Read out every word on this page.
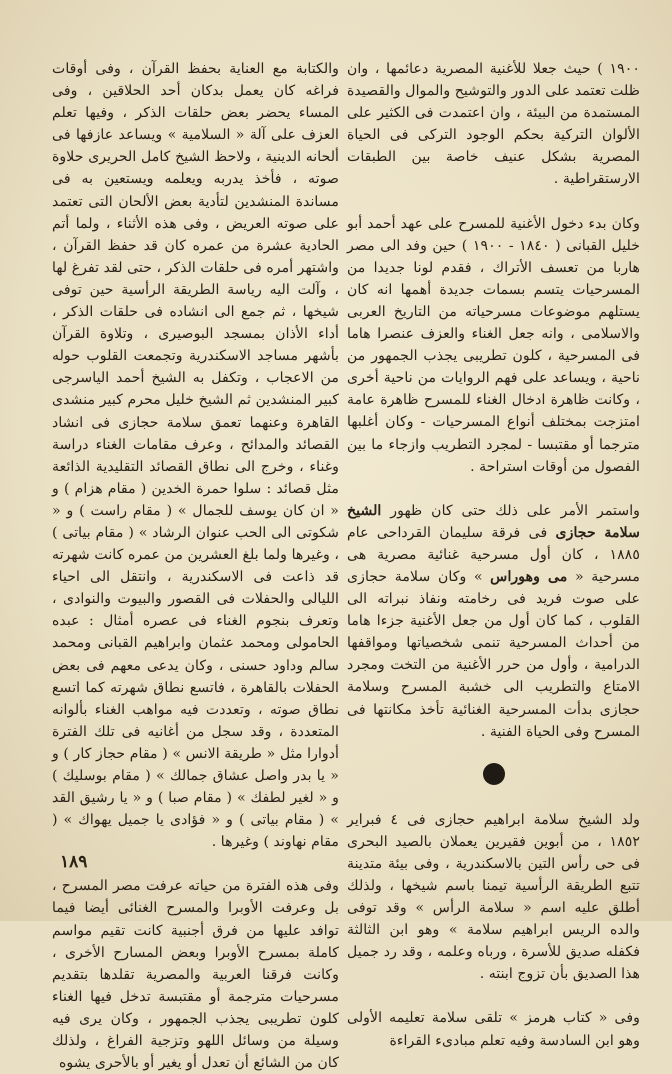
١٩٠٠ ) حيث جعلا للأغنية المصرية دعائمها ، وان ظلت تعتمد على الدور والتوشيح والموال والقصيدة المستمدة من البيئة ، وان اعتمدت فى الكثير على الألوان التركية بحكم الوجود التركى فى الحياة المصرية بشكل عنيف خاصة بين الطبقات الارستقراطية .

وكان بدء دخول الأغنية للمسرح على عهد أحمد أبو خليل القبانى ( ١٨٤٠ - ١٩٠٠ ) حين وفد الى مصر هاربا من تعسف الأتراك ، فقدم لونا جديدا من المسرحيات يتسم بسمات جديدة أهمها انه كان يستلهم موضوعات مسرحياته من التاريخ العربى والاسلامى ، وانه جعل الغناء والعزف عنصرا هاما فى المسرحية ، كلون تطريبى يجذب الجمهور من ناحية ، ويساعد على فهم الروايات من ناحية أخرى ، وكانت ظاهرة ادخال الغناء للمسرح ظاهرة عامة امتزجت بمختلف أنواع المسرحيات - وكان أغلبها مترجما أو مقتبسا - لمجرد التطريب وازجاء ما بين الفصول من أوقات استراحة .

واستمر الأمر على ذلك حتى كان ظهور الشيخ سلامة حجازى فى فرقة سليمان القرداحى عام ١٨٨٥ ، كان أول مسرحية غنائية مصرية هى مسرحية « مى وهوراس » وكان سلامة حجازى على صوت فريد فى رخامته ونفاذ نبراته الى القلوب ، كما كان أول من جعل الأغنية جزءا هاما من أحداث المسرحية تنمى شخصياتها ومواقفها الدرامية ، وأول من حرر الأغنية من التخت ومجرد الامتاع والتطريب الى خشبة المسرح وسلامة حجازى بدأت المسرحية الغنائية تأخذ مكانتها فى المسرح وفى الحياة الفنية .

ولد الشيخ سلامة ابراهيم حجازى فى ٤ فبراير ١٨٥٢ ، من أبوين فقيرين يعملان بالصيد البحرى فى حى رأس التين بالاسكندرية ، وفى بيئة متدينة تتبع الطريقة الرأسية تيمنا باسم شيخها ، ولذلك أطلق عليه اسم « سلامة الرأس » وقد توفى والده الريس ابراهيم سلامة » وهو ابن الثالثة فكفله صديق للأسرة ، ورباه وعلمه ، وقد رد جميل هذا الصديق بأن تزوج ابنته .

وفى « كتاب هرمز » تلقى سلامة تعليمه الأولى وهو ابن السادسة وفيه تعلم مبادىء القراءة

والكتابة مع العناية بحفظ القرآن ، وفى أوقات فراغه كان يعمل بدكان أحد الحلاقين ، وفى المساء يحضر بعض حلقات الذكر ، وفيها تعلم العزف على آلة « السلامية » ويساعد عازفها فى ألحانه الدينية ، ولاحظ الشيخ كامل الحريرى حلاوة صوته ، فأخذ يدربه ويعلمه ويستعين به فى مساندة المنشدين لتأدية بعض الألحان التى تعتمد على صوته العريض ، وفى هذه الأثناء ، ولما أتم الحادية عشرة من عمره كان قد حفظ القرآن ، واشتهر أمره فى حلقات الذكر ، حتى لقد تفرغ لها ، وآلت اليه رياسة الطريقة الرأسية حين توفى شيخها ، ثم جمع الى انشاده فى حلقات الذكر ، أداء الأذان بمسجد البوصيرى ، وتلاوة القرآن بأشهر مساجد الاسكندرية وتجمعت القلوب حوله من الاعجاب ، وتكفل به الشيخ أحمد الياسرجى كبير المنشدين ثم الشيخ خليل محرم كبير منشدى القاهرة وعنهما تعمق سلامة حجازى فى انشاد القصائد والمدائح ، وعرف مقامات الغناء دراسة وغناء ، وخرج الى نطاق القصائد التقليدية الذائعة مثل قصائد : سلوا حمرة الخدين ( مقام هزام ) و « ان كان يوسف للجمال » ( مقام راست ) و « شكوتى الى الحب عنوان الرشاد » ( مقام بياتى ) ، وغيرها ولما بلغ العشرين من عمره كانت شهرته قد ذاعت فى الاسكندرية ، وانتقل الى احياء الليالى والحفلات فى القصور والبيوت والنوادى ، وتعرف بنجوم الغناء فى عصره أمثال : عبده الحامولى ومحمد عثمان وابراهيم القبانى ومحمد سالم وداود حسنى ، وكان يدعى معهم فى بعض الحفلات بالقاهرة ، فاتسع نطاق شهرته كما اتسع نطاق صوته ، وتعددت فيه مواهب الغناء بألوانه المتعددة ، وقد سجل من أغانيه فى تلك الفترة أدوارا مثل « طريقة الانس » ( مقام حجاز كار ) و « يا بدر واصل عشاق جمالك » ( مقام بوسليك ) و « لغير لطفك » ( مقام صبا ) و « يا رشيق القد » ( مقام بياتى ) و « فؤادى يا جميل يهواك » ( مقام نهاوند ) وغيرها .

وفى هذه الفترة من حياته عرفت مصر المسرح ، بل وعرفت الأوبرا والمسرح الغنائى أيضا فيما توافد عليها من فرق أجنبية كانت تقيم مواسم كاملة بمسرح الأوبرا وبعض المسارح الأخرى ، وكانت فرقنا العربية والمصرية تقلدها بتقديم مسرحيات مترجمة أو مقتبسة تدخل فيها الغناء كلون تطريبى يجذب الجمهور ، وكان يرى فيه وسيلة من وسائل اللهو وتزجية الفراغ ، ولذلك كان من الشائع أن تعدل أو يغير أو بالأحرى يشوه

١٨٩
